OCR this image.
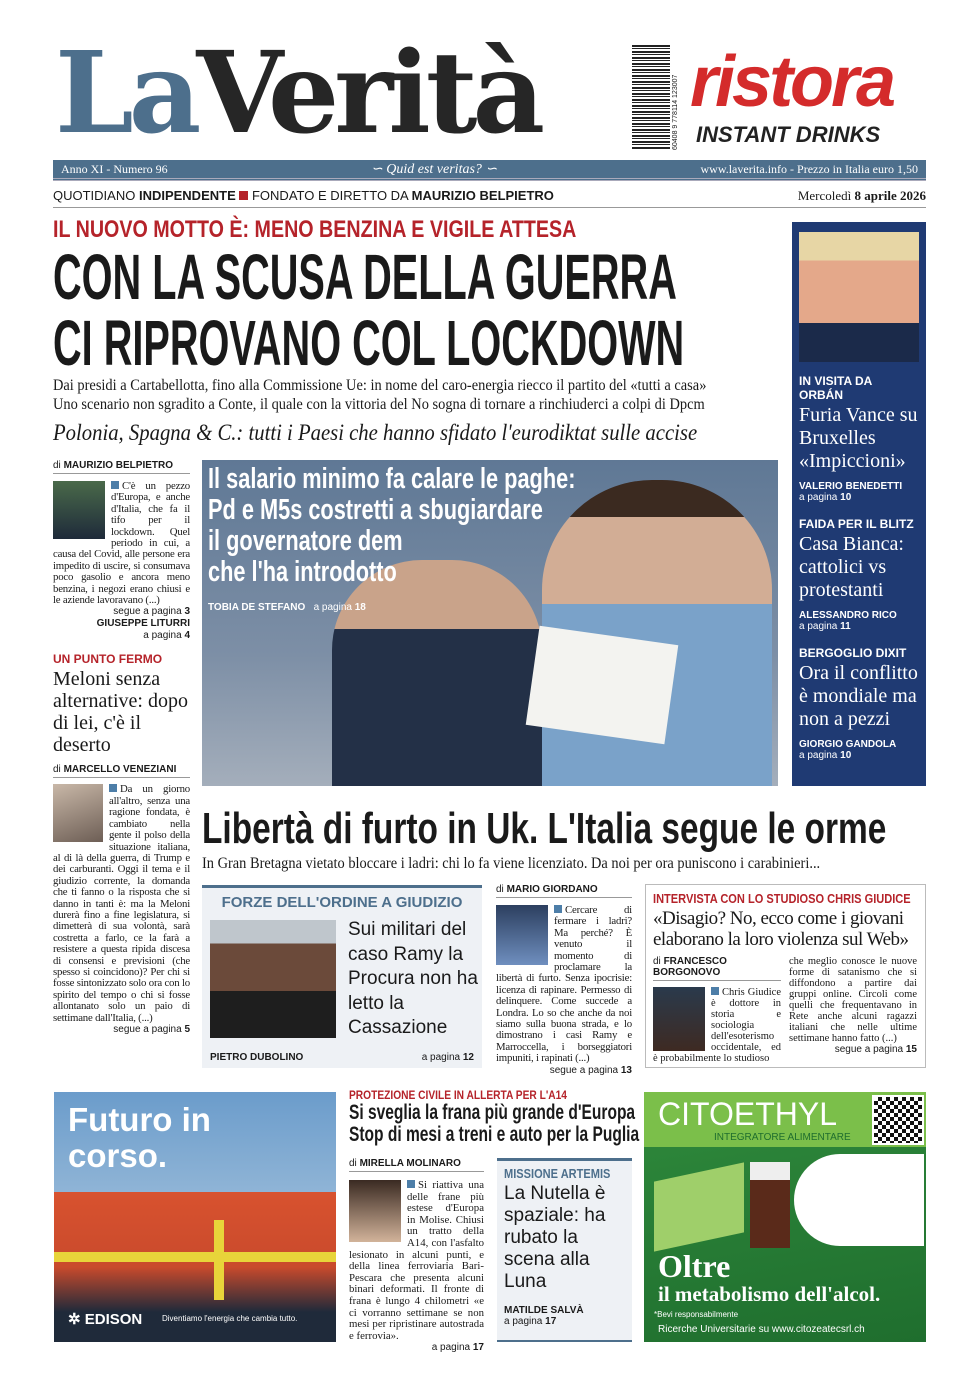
LaVerità	60408 9 778114 123007 ristora
INSTANT DRINKS
Anno XI - Numero 96	∽ Quid est veritas? ∽	www.laverita.info - Prezzo in Italia euro 1,50
QUOTIDIANO INDIPENDENTE  FONDATO E DIRETTO DA MAURIZIO BELPIETRO	Mercoledì 8 aprile 2026
IL NUOVO MOTTO È: MENO BENZINA E VIGILE ATTESA
CON LA SCUSA DELLA GUERRA
CI RIPROVANO COL LOCKDOWN
Dai presidi a Cartabellotta, fino alla Commissione Ue: in nome del caro-energia riecco il partito del «tutti a casa»
Uno scenario non sgradito a Conte, il quale con la vittoria del No sogna di tornare a rinchiuderci a colpi di Dpcm
Polonia, Spagna & C.: tutti i Paesi che hanno sfidato l'eurodiktat sulle accise
di MAURIZIO BELPIETRO
C'è un pezzo d'Europa, e anche d'Italia, che fa il tifo per il lockdown. Quel periodo in cui, a causa del Covid, alle persone era impedito di uscire, si consumava poco gasolio e ancora meno benzina, i negozi erano chiusi e le aziende lavoravano (...)
segue a pagina 3
GIUSEPPE LITURRI
a pagina 4
UN PUNTO FERMO
Meloni senza alternative: dopo di lei, c'è il deserto
di MARCELLO VENEZIANI
Da un giorno all'altro, senza una ragione fondata, è cambiato nella gente il polso della situazione italiana, al di là della guerra, di Trump e dei carburanti. Oggi il tema e il giudizio corrente, la domanda che ti fanno o la risposta che si danno in tanti è: ma la Meloni durerà fino a fine legislatura, si dimetterà di sua volontà, sarà costretta a farlo, ce la farà a resistere a questa ripida discesa di consensi e previsioni (che spesso si coincidono)? Per chi si fosse sintonizzato solo ora con lo spirito del tempo o chi si fosse allontanato solo un paio di settimane dall'Italia, (...)
segue a pagina 5
Il salario minimo fa calare le paghe:
Pd e M5s costretti a sbugiardare
il governatore dem
che l'ha introdotto
TOBIA DE STEFANO a pagina 18
IN VISITA DA ORBÁN
Furia Vance su Bruxelles «Impiccioni»
VALERIO BENEDETTI
a pagina 10
FAIDA PER IL BLITZ
Casa Bianca: cattolici vs protestanti
ALESSANDRO RICO
a pagina 11
BERGOGLIO DIXIT
Ora il conflitto è mondiale ma non a pezzi
GIORGIO GANDOLA
a pagina 10
Libertà di furto in Uk. L'Italia segue le orme
In Gran Bretagna vietato bloccare i ladri: chi lo fa viene licenziato. Da noi per ora puniscono i carabinieri...
FORZE DELL'ORDINE A GIUDIZIO
Sui militari del caso Ramy la Procura non ha letto la Cassazione
PIETRO DUBOLINO	a pagina 12
di MARIO GIORDANO
Cercare di fermare i ladri? Ma perché? È venuto il momento di proclamare la libertà di furto. Senza ipocrisie: licenza di rapinare. Permesso di delinquere. Come succede a Londra. Lo so che anche da noi siamo sulla buona strada, e lo dimostrano i casi Ramy e Marroccella, i borseggiatori impuniti, i rapinati (...)
segue a pagina 13
INTERVISTA CON LO STUDIOSO CHRIS GIUDICE
«Disagio? No, ecco come i giovani elaborano la loro violenza sul Web»
di FRANCESCO BORGONOVO
Chris Giudice è dottore in storia e sociologia dell'esoterismo occidentale, ed è probabilmente lo studioso
che meglio conosce le nuove forme di satanismo che si diffondono a partire dai gruppi online. Circoli come quelli che frequentavano in Rete anche alcuni ragazzi italiani che nelle ultime settimane hanno fatto (...)
segue a pagina 15
Futuro in corso.
✲ EDISON Diventiamo l'energia che cambia tutto.
PROTEZIONE CIVILE IN ALLERTA PER L'A14
Si sveglia la frana più grande d'Europa
Stop di mesi a treni e auto per la Puglia
di MIRELLA MOLINARO
Si riattiva una delle frane più estese d'Europa in Molise. Chiusi un tratto della A14, con l'asfalto lesionato in alcuni punti, e della linea ferroviaria Bari-Pescara che presenta alcuni binari deformati. Il fronte di frana è lungo 4 chilometri «e ci vorranno settimane se non mesi per ripristinare autostrada e ferrovia».
a pagina 17
MISSIONE ARTEMIS
La Nutella è spaziale: ha rubato la scena alla Luna
MATILDE SALVÀ
a pagina 17
CITOETHYL
INTEGRATORE ALIMENTARE
Oltre
il metabolismo dell'alcol.
*Bevi responsabilmente
Ricerche Universitarie su www.citozeatecsrl.ch
